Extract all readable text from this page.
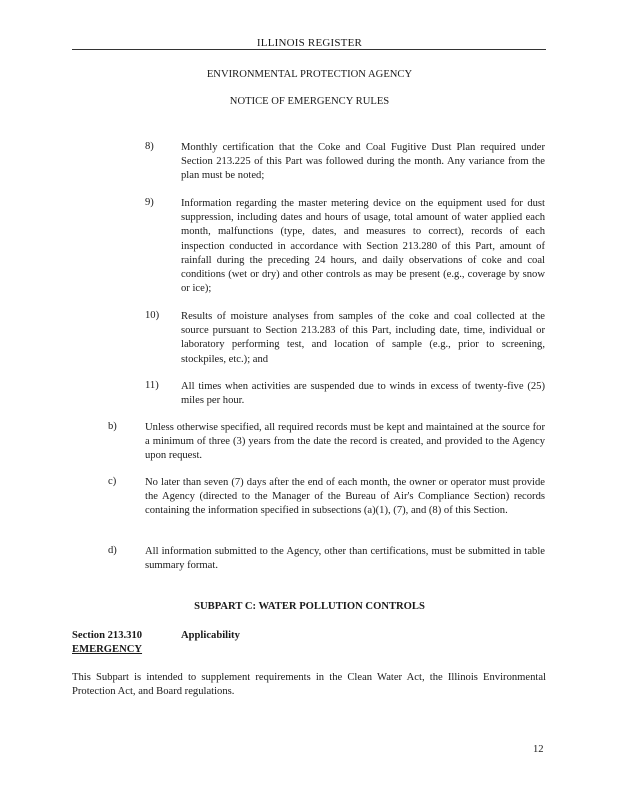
ILLINOIS REGISTER
ENVIRONMENTAL PROTECTION AGENCY
NOTICE OF EMERGENCY RULES
8)	Monthly certification that the Coke and Coal Fugitive Dust Plan required under Section 213.225 of this Part was followed during the month. Any variance from the plan must be noted;
9)	Information regarding the master metering device on the equipment used for dust suppression, including dates and hours of usage, total amount of water applied each month, malfunctions (type, dates, and measures to correct), records of each inspection conducted in accordance with Section 213.280 of this Part, amount of rainfall during the preceding 24 hours, and daily observations of coke and coal conditions (wet or dry) and other controls as may be present (e.g., coverage by snow or ice);
10) Results of moisture analyses from samples of the coke and coal collected at the source pursuant to Section 213.283 of this Part, including date, time, individual or laboratory performing test, and location of sample (e.g., prior to screening, stockpiles, etc.); and
11) All times when activities are suspended due to winds in excess of twenty-five (25) miles per hour.
b)	Unless otherwise specified, all required records must be kept and maintained at the source for a minimum of three (3) years from the date the record is created, and provided to the Agency upon request.
c)	No later than seven (7) days after the end of each month, the owner or operator must provide the Agency (directed to the Manager of the Bureau of Air's Compliance Section) records containing the information specified in subsections (a)(1), (7), and (8) of this Section.
d)	All information submitted to the Agency, other than certifications, must be submitted in table summary format.
SUBPART C: WATER POLLUTION CONTROLS
Section 213.310	Applicability
EMERGENCY
This Subpart is intended to supplement requirements in the Clean Water Act, the Illinois Environmental Protection Act, and Board regulations.
12
